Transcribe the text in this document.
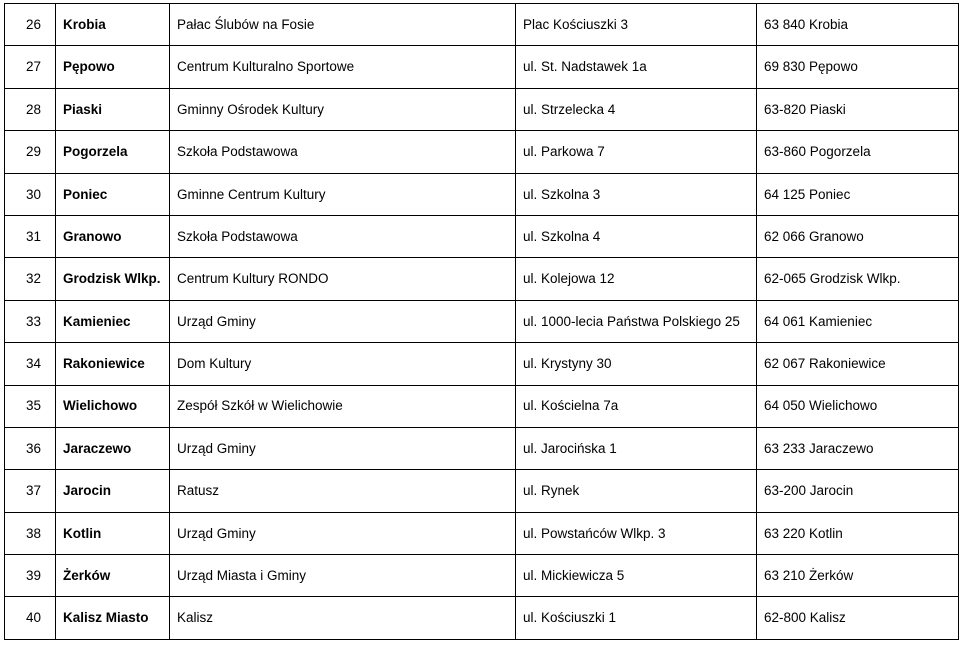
26	Krobia	Pałac Ślubów na Fosie	Plac Kościuszki 3	63 840 Krobia
27	Pępowo	Centrum Kulturalno Sportowe	ul. St. Nadstawek 1a	69 830 Pępowo
28	Piaski	Gminny Ośrodek Kultury	ul. Strzelecka 4	63-820 Piaski
29	Pogorzela	Szkoła Podstawowa	ul. Parkowa 7	63-860 Pogorzela
30	Poniec	Gminne Centrum Kultury	ul. Szkolna 3	64 125 Poniec
31	Granowo	Szkoła Podstawowa	ul. Szkolna 4	62 066 Granowo
32	Grodzisk Wlkp.	Centrum Kultury RONDO	ul. Kolejowa 12	62-065 Grodzisk Wlkp.
33	Kamieniec	Urząd Gminy	ul. 1000-lecia Państwa Polskiego 25	64 061 Kamieniec
34	Rakoniewice	Dom Kultury	ul. Krystyny 30	62 067 Rakoniewice
35	Wielichowo	Zespół Szkół w Wielichowie	ul. Kościelna 7a	64 050 Wielichowo
36	Jaraczewo	Urząd Gminy	ul. Jarocińska 1	63 233 Jaraczewo
37	Jarocin	Ratusz	ul. Rynek	63-200 Jarocin
38	Kotlin	Urząd Gminy	ul. Powstańców Wlkp. 3	63 220 Kotlin
39	Żerków	Urząd Miasta i Gminy	ul. Mickiewicza 5	63 210 Żerków
40	Kalisz Miasto	Kalisz	ul. Kościuszki 1	62-800 Kalisz
